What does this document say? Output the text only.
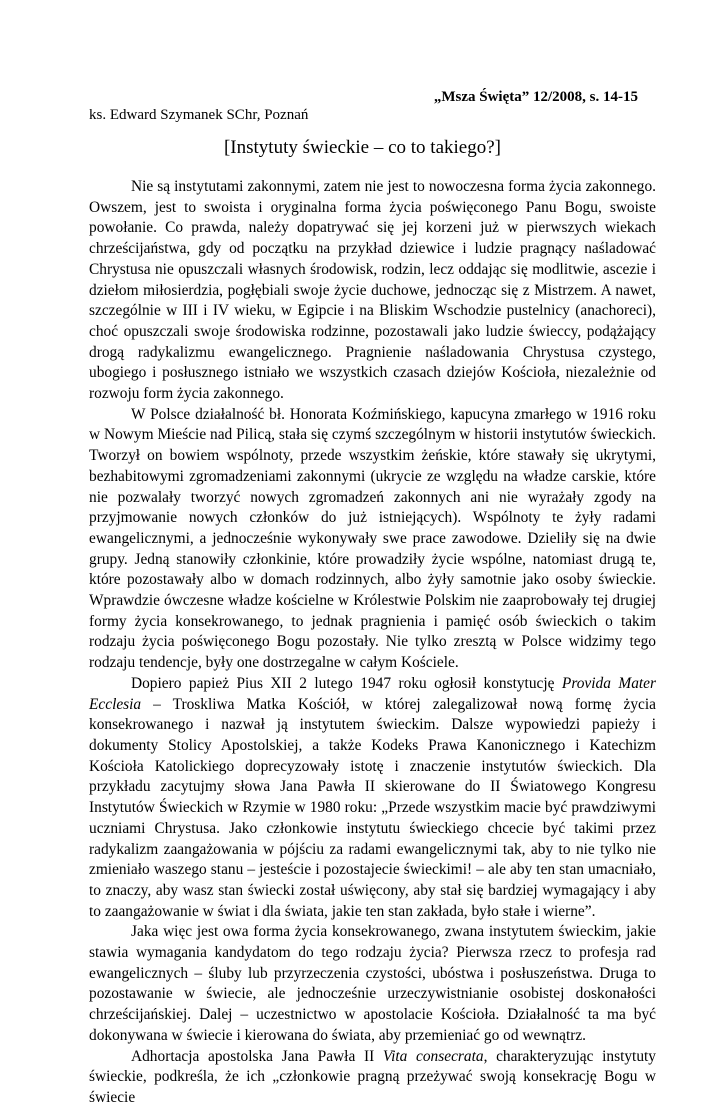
„Msza Święta” 12/2008, s. 14-15
ks. Edward Szymanek SChr, Poznań
[Instytuty świeckie – co to takiego?]

Nie są instytutami zakonnymi, zatem nie jest to nowoczesna forma życia zakonnego. Owszem, jest to swoista i oryginalna forma życia poświęconego Panu Bogu, swoiste powołanie. Co prawda, należy dopatrywać się jej korzeni już w pierwszych wiekach chrześcijaństwa, gdy od początku na przykład dziewice i ludzie pragnący naśladować Chrystusa nie opuszczali własnych środowisk, rodzin, lecz oddając się modlitwie, ascezie i dziełom miłosierdzia, pogłębiali swoje życie duchowe, jednocząc się z Mistrzem. A nawet, szczególnie w III i IV wieku, w Egipcie i na Bliskim Wschodzie pustelnicy (anachoreci), choć opuszczali swoje środowiska rodzinne, pozostawali jako ludzie świeccy, podążający drogą radykalizmu ewangelicznego. Pragnienie naśladowania Chrystusa czystego, ubogiego i posłusznego istniało we wszystkich czasach dziejów Kościoła, niezależnie od rozwoju form życia zakonnego.

W Polsce działalność bł. Honorata Koźmińskiego, kapucyna zmarłego w 1916 roku w Nowym Mieście nad Pilicą, stała się czymś szczególnym w historii instytutów świeckich. Tworzył on bowiem wspólnoty, przede wszystkim żeńskie, które stawały się ukrytymi, bezhabitowymi zgromadzeniami zakonnymi (ukrycie ze względu na władze carskie, które nie pozwalały tworzyć nowych zgromadzeń zakonnych ani nie wyrażały zgody na przyjmowanie nowych członków do już istniejących). Wspólnoty te żyły radami ewangelicznymi, a jednocześnie wykonywały swe prace zawodowe. Dzieliły się na dwie grupy. Jedną stanowiły członkinie, które prowadziły życie wspólne, natomiast drugą te, które pozostawały albo w domach rodzinnych, albo żyły samotnie jako osoby świeckie. Wprawdzie ówczesne władze kościelne w Królestwie Polskim nie zaaprobowały tej drugiej formy życia konsekrowanego, to jednak pragnienia i pamięć osób świeckich o takim rodzaju życia poświęconego Bogu pozostały. Nie tylko zresztą w Polsce widzimy tego rodzaju tendencje, były one dostrzegalne w całym Kościele.

Dopiero papież Pius XII 2 lutego 1947 roku ogłosił konstytucję Provida Mater Ecclesia – Troskliwa Matka Kościół, w której zalegalizował nową formę życia konsekrowanego i nazwał ją instytutem świeckim. Dalsze wypowiedzi papieży i dokumenty Stolicy Apostolskiej, a także Kodeks Prawa Kanonicznego i Katechizm Kościoła Katolickiego doprecyzowały istotę i znaczenie instytutów świeckich. Dla przykładu zacytujmy słowa Jana Pawła II skierowane do II Światowego Kongresu Instytutów Świeckich w Rzymie w 1980 roku: „Przede wszystkim macie być prawdziwymi uczniami Chrystusa. Jako członkowie instytutu świeckiego chcecie być takimi przez radykalizm zaangażowania w pójściu za radami ewangelicznymi tak, aby to nie tylko nie zmieniało waszego stanu – jesteście i pozostajecie świeckimi! – ale aby ten stan umacniało, to znaczy, aby wasz stan świecki został uświęcony, aby stał się bardziej wymagający i aby to zaangażowanie w świat i dla świata, jakie ten stan zakłada, było stałe i wierne”.

Jaka więc jest owa forma życia konsekrowanego, zwana instytutem świeckim, jakie stawia wymagania kandydatom do tego rodzaju życia? Pierwsza rzecz to profesja rad ewangelicznych – śluby lub przyrzeczenia czystości, ubóstwa i posłuszeństwa. Druga to pozostawanie w świecie, ale jednocześnie urzeczywistnianie osobistej doskonałości chrześcijańskiej. Dalej – uczestnictwo w apostolacie Kościoła. Działalność ta ma być dokonywana w świecie i kierowana do świata, aby przemieniać go od wewnątrz.

Adhortacja apostolska Jana Pawła II Vita consecrata, charakteryzując instytuty świeckie, podkreśla, że ich „członkowie pragną przeżywać swoją konsekrację Bogu w świecie
